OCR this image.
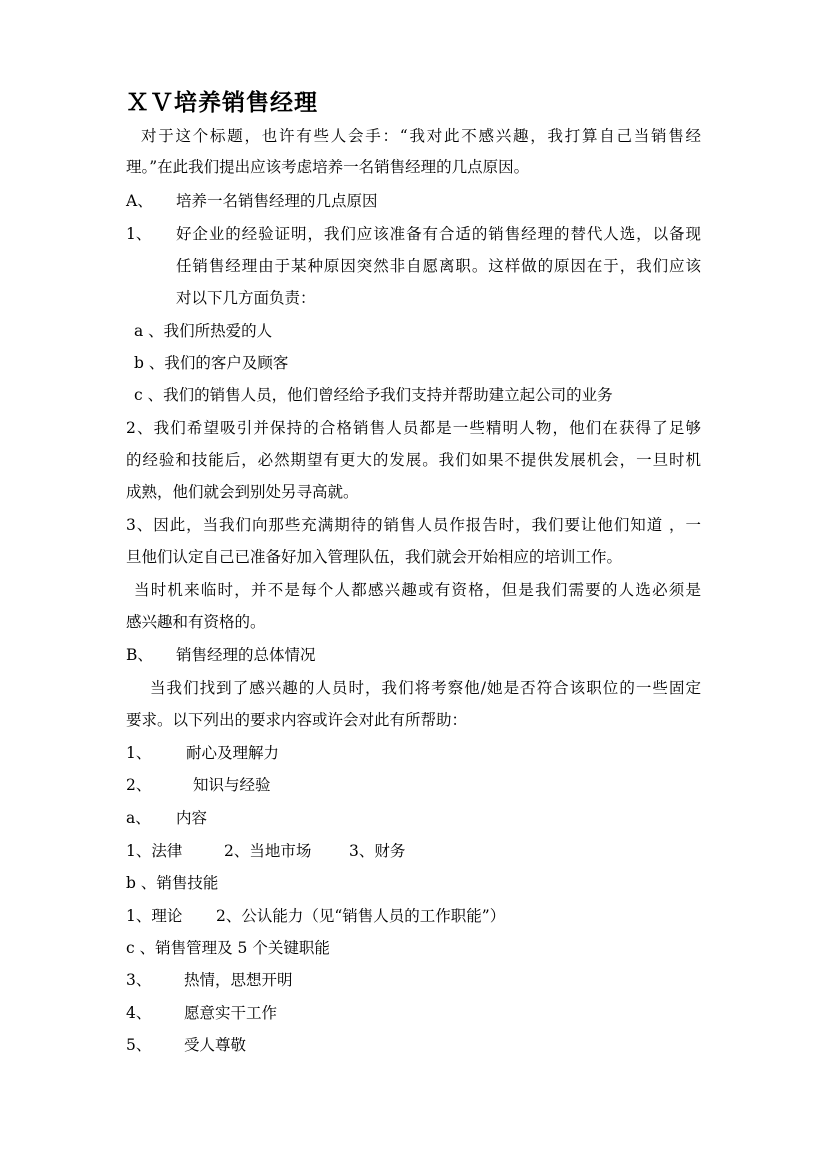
ＸＶ培养销售经理
对于这个标题，也许有些人会手：“我对此不感兴趣，我打算自己当销售经
理。”在此我们提出应该考虑培养一名销售经理的几点原因。
A、 培养一名销售经理的几点原因
1、 好企业的经验证明，我们应该准备有合适的销售经理的替代人选，以备现
任销售经理由于某种原因突然非自愿离职。这样做的原因在于，我们应该
对以下几方面负责：
a 、我们所热爱的人
b 、我们的客户及顾客
c 、我们的销售人员，他们曾经给予我们支持并帮助建立起公司的业务
2、我们希望吸引并保持的合格销售人员都是一些精明人物，他们在获得了足够
的经验和技能后，必然期望有更大的发展。我们如果不提供发展机会，一旦时机
成熟，他们就会到别处另寻高就。
3、因此，当我们向那些充满期待的销售人员作报告时，我们要让他们知道 ，一
旦他们认定自己已准备好加入管理队伍，我们就会开始相应的培训工作。
当时机来临时，并不是每个人都感兴趣或有资格，但是我们需要的人选必须是
感兴趣和有资格的。
B、 销售经理的总体情况
当我们找到了感兴趣的人员时，我们将考察他/她是否符合该职位的一些固定
要求。以下列出的要求内容或许会对此有所帮助：
1、 耐心及理解力
2、	知识与经验
a、 内容
1、法律	2、当地市场 3、财务
b 、销售技能
1、理论 2、公认能力（见“销售人员的工作职能”）
c 、销售管理及 5 个关键职能
3、 热情，思想开明
4、 愿意实干工作
5、 受人尊敬
